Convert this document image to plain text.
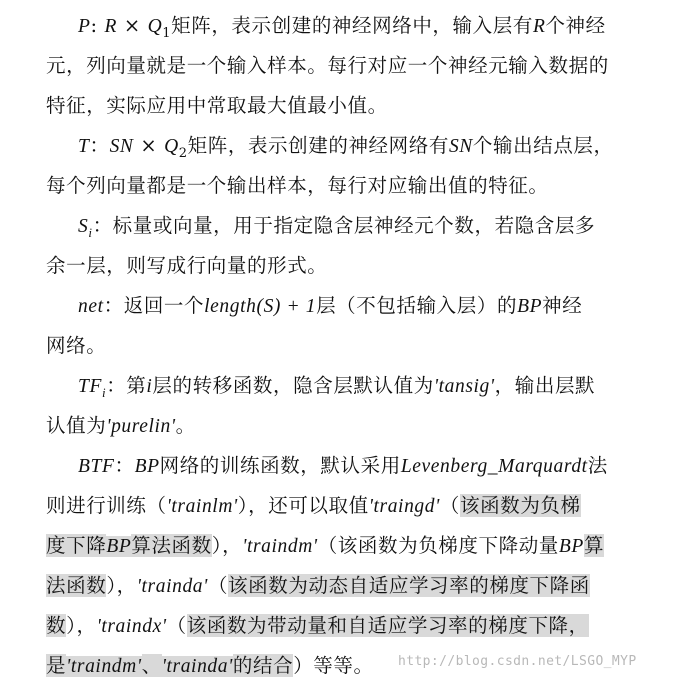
P: $R \times Q_1$矩阵，表示创建的神经网络中，输入层有R个神经
元，列向量就是一个输入样本。每行对应一个神经元输入数据的
特征，实际应用中常取最大值最小值。
T：SN × $Q_2$矩阵，表示创建的神经网络有SN个输出结点层，
每个列向量都是一个输出样本，每行对应输出值的特征。
$S_i$：标量或向量，用于指定隐含层神经元个数，若隐含层多
余一层，则写成行向量的形式。
net：返回一个length(S) + 1层（不包括输入层）的BP神经
网络。
$TF_i$：第i层的转移函数，隐含层默认值为'tansig'，输出层默
认值为'purelin'。
BTF：BP网络的训练函数，默认采用Levenberg_Marquardt法
则进行训练（'trainlm'），还可以取值'traingd'（该函数为负梯
度下降BP算法函数），'traindm'（该函数为负梯度下降动量BP算
法函数），'trainda'（该函数为动态自适应学习率的梯度下降函
数），'traindx'（该函数为带动量和自适应学习率的梯度下降，
是'traindm'、'trainda'的结合）等等。	http://blog.csdn.net/LSGO_MYP
